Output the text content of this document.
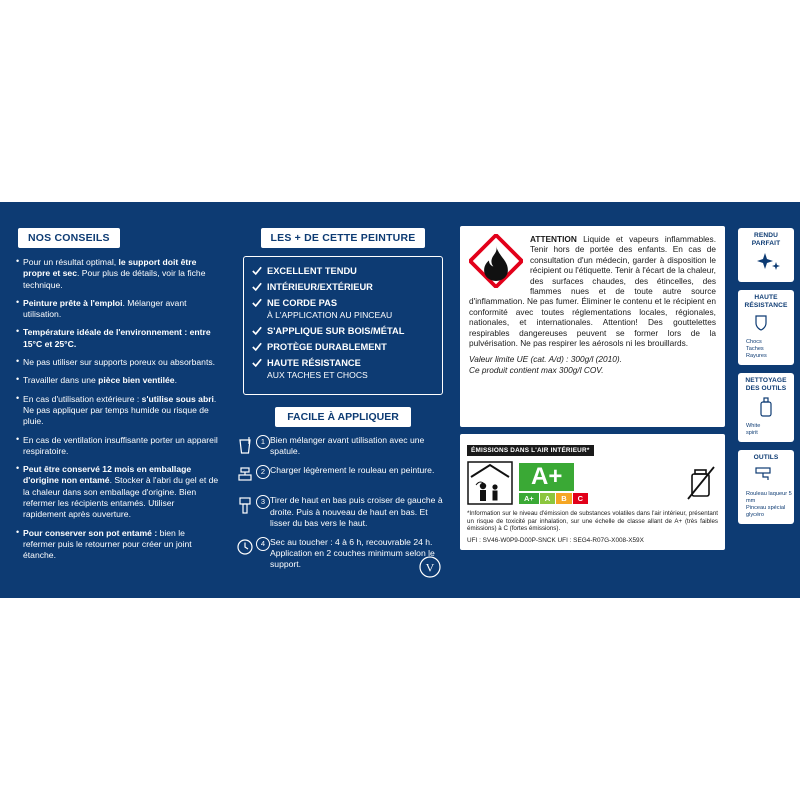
NOS CONSEILS
• Pour un résultat optimal, le support doit être propre et sec. Pour plus de détails, voir la fiche technique.
• Peinture prête à l'emploi. Mélanger avant utilisation.
• Température idéale de l'environnement : entre 15°C et 25°C.
• Ne pas utiliser sur supports poreux ou absorbants.
• Travailler dans une pièce bien ventilée.
• En cas d'utilisation extérieure : s'utilise sous abri. Ne pas appliquer par temps humide ou risque de pluie.
• En cas de ventilation insuffisante porter un appareil respiratoire.
• Peut être conservé 12 mois en emballage d'origine non entamé. Stocker à l'abri du gel et de la chaleur dans son emballage d'origine. Bien refermer les récipients entamés. Utiliser rapidement après ouverture.
• Pour conserver son pot entamé : bien le refermer puis le retourner pour créer un joint étanche.
LES + DE CETTE PEINTURE
EXCELLENT TENDU
INTÉRIEUR/EXTÉRIEUR
NE CORDE PAS
À L'APPLICATION AU PINCEAU
S'APPLIQUE SUR BOIS/MÉTAL
PROTÈGE DURABLEMENT
HAUTE RÉSISTANCE
AUX TACHES ET CHOCS
FACILE À APPLIQUER
1 Bien mélanger avant utilisation avec une spatule.
2 Charger légèrement le rouleau en peinture.
3 Tirer de haut en bas puis croiser de gauche à droite. Puis à nouveau de haut en bas. Et lisser du bas vers le haut.
4 Sec au toucher : 4 à 6 h, recouvrable 24 h. Application en 2 couches minimum selon le support.
ATTENTION Liquide et vapeurs inflammables. Tenir hors de portée des enfants. En cas de consultation d'un médecin, garder à disposition le récipient ou l'étiquette. Tenir à l'écart de la chaleur, des surfaces chaudes, des étincelles, des flammes nues et de toute autre source d'inflammation. Ne pas fumer. Éliminer le contenu et le récipient en conformité avec toutes réglementations locales, régionales, nationales, et internationales. Attention! Des gouttelettes respirables dangereuses peuvent se former lors de la pulvérisation. Ne pas respirer les aérosols ni les brouillards.
Valeur limite UE (cat. A/d) : 300g/l (2010).
Ce produit contient max 300g/l COV.
ÉMISSIONS DANS L'AIR INTÉRIEUR*
A+
A+	A	B	C
*Information sur le niveau d'émission de substances volatiles dans l'air intérieur, présentant un risque de toxicité par inhalation, sur une échelle de classe allant de A+ (très faibles émissions) à C (fortes émissions).
UFI : SV46-W0P9-D00P-SNCK UFI : SEG4-R07G-X008-X59X
RENDU PARFAIT
HAUTE RÉSISTANCE
Chocs
Taches
Rayures
NETTOYAGE DES OUTILS
White
spirit
OUTILS
Rouleau laqueur 5 mm
Pinceau spécial glycéro
V
